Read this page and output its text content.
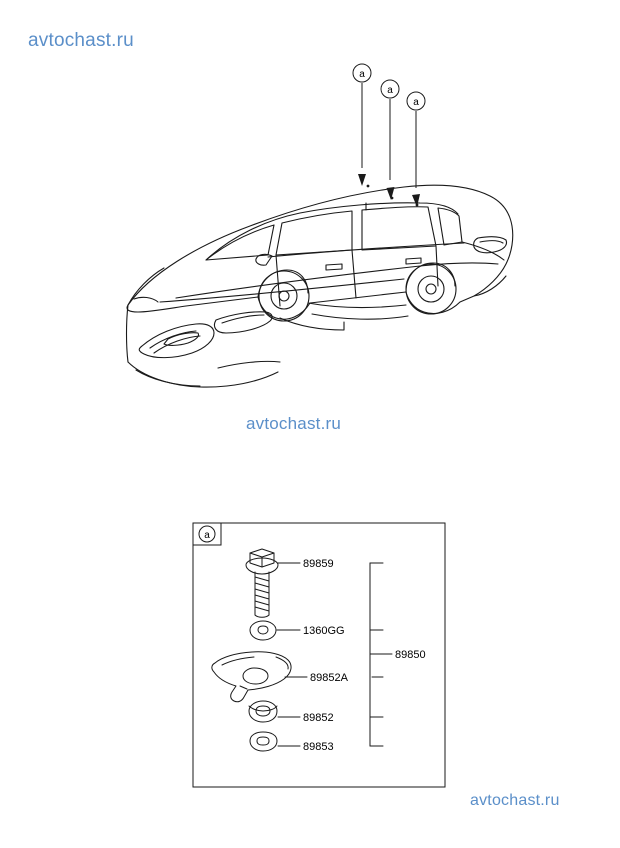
avtochast.ru
avtochast.ru
avtochast.ru
a
a
a
a
89859
1360GG
89852A
89852
89853
89850
